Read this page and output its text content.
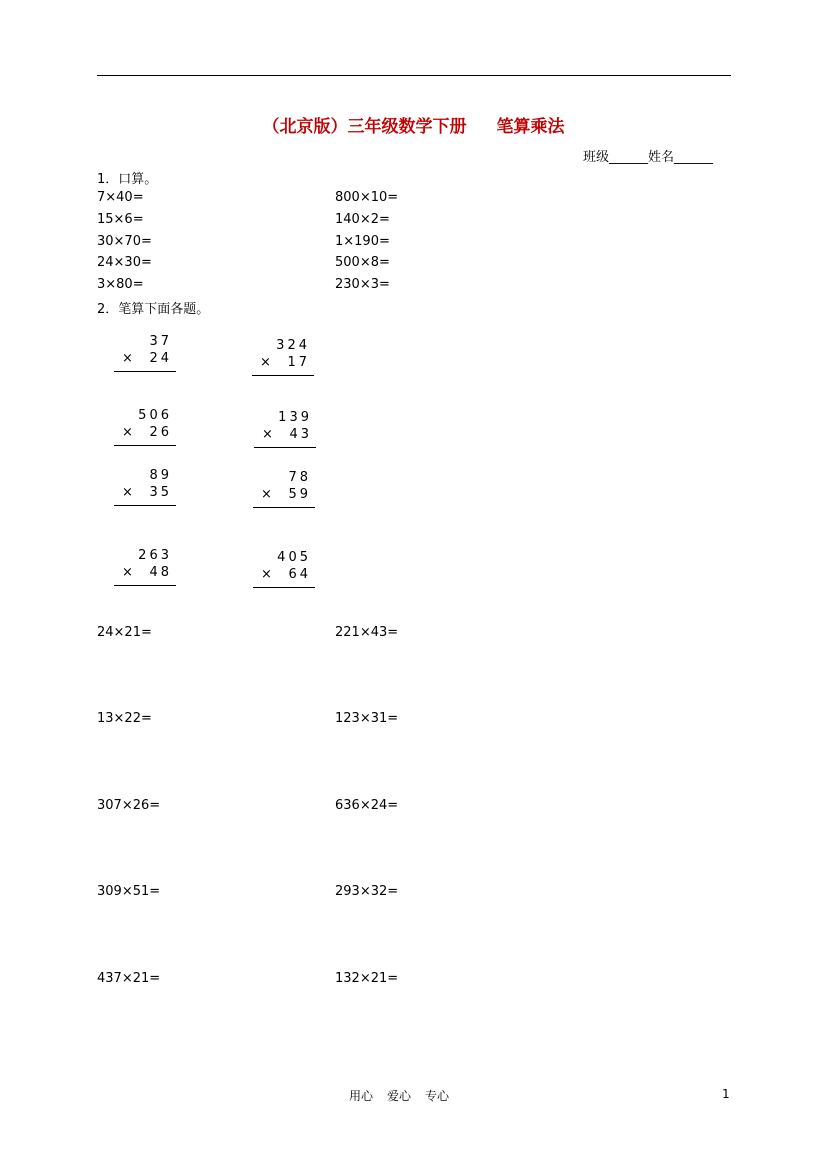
（北京版）三年级数学下册 笔算乘法
班级______姓名______
1．口算。
7×40=
15×6=
30×70=
24×30=
3×80=
800×10=
140×2=
1×190=
500×8=
230×3=
2．笔算下面各题。
37
× 24
324
× 17
506
× 26
139
× 43
89
× 35
78
× 59
263
× 48
405
× 64
24×21=
13×22=
307×26=
309×51=
437×21=
221×43=
123×31=
636×24=
293×32=
132×21=
用心 爱心 专心	1
